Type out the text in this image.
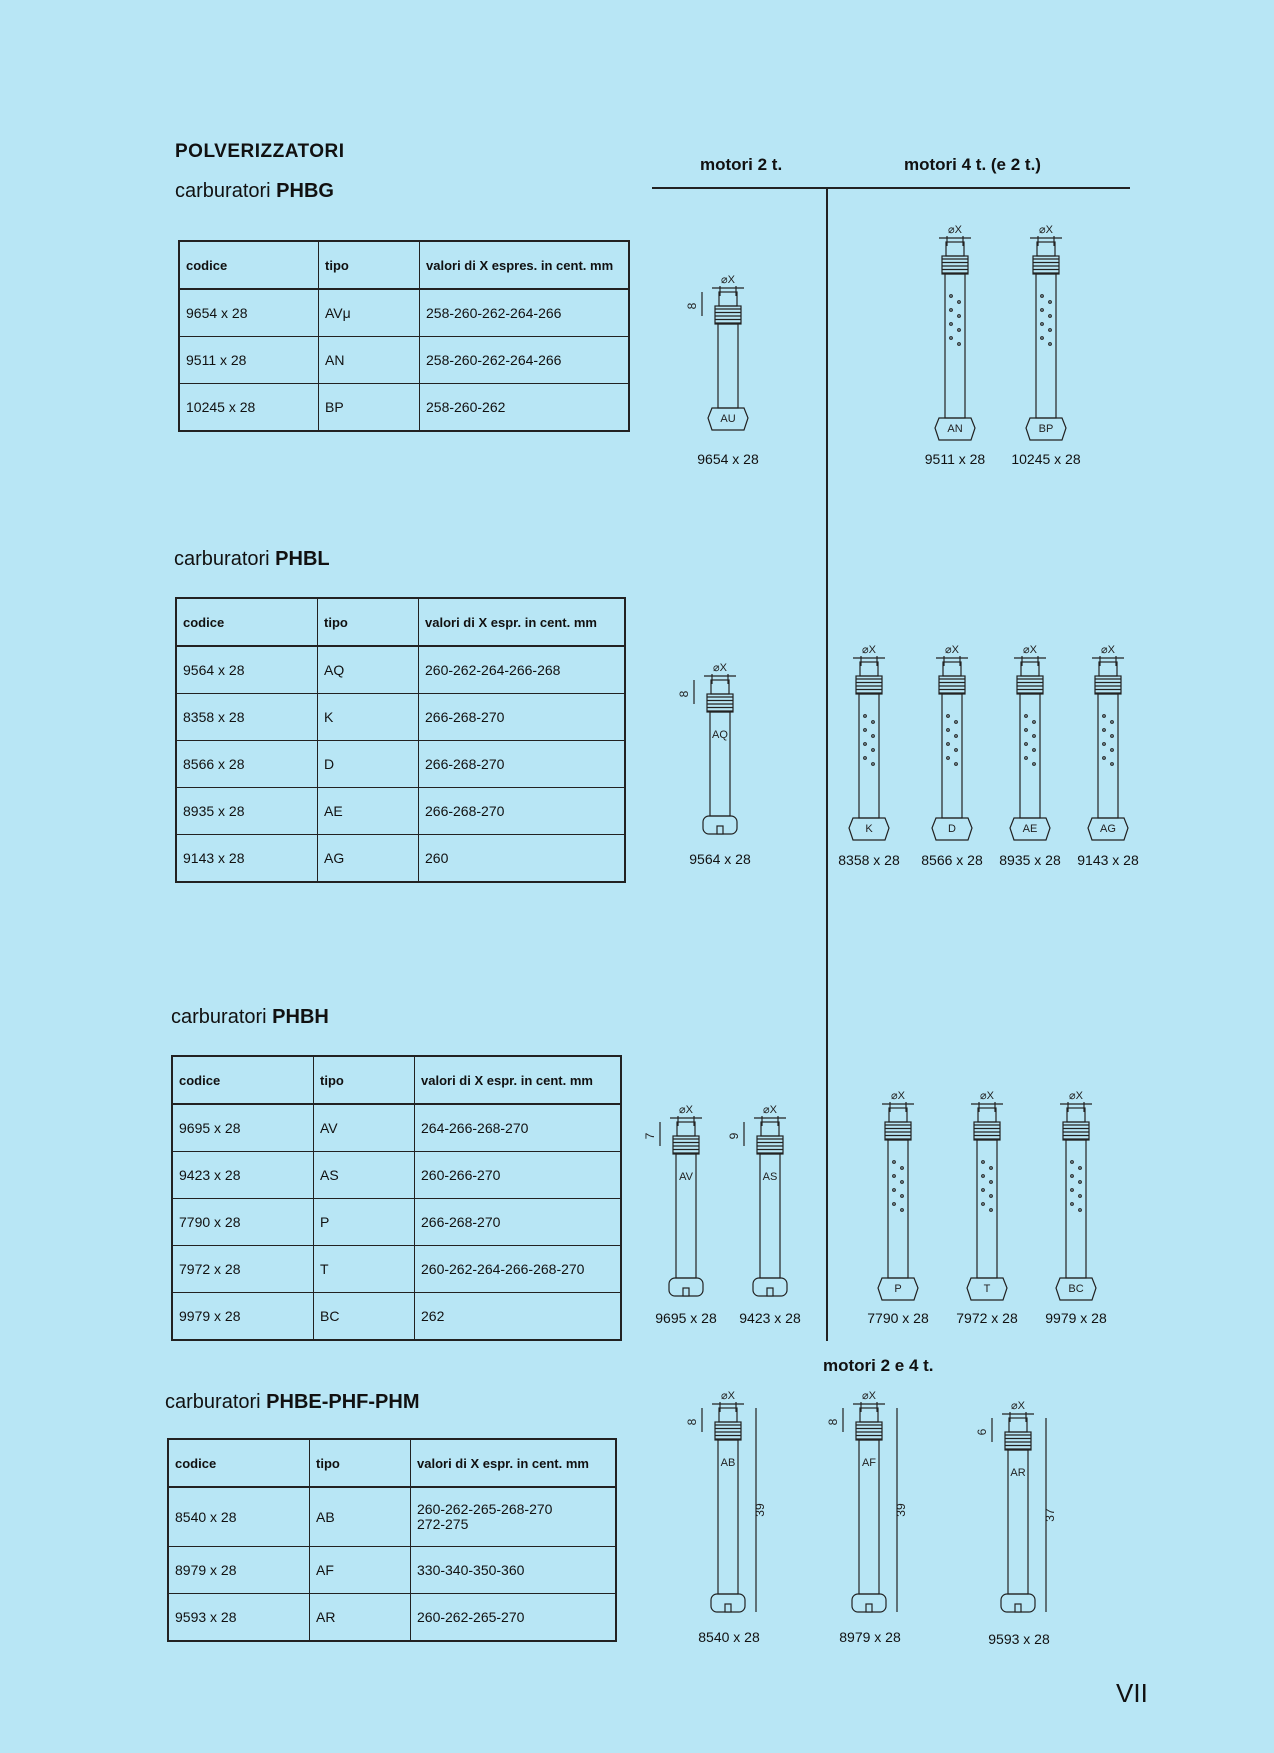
POLVERIZZATORI
motori 2 t.	motori 4 t. (e 2 t.)
carburatori PHBG
codice	tipo	valori di X espres. in cent. mm
9654 x 28	AVμ	258-260-262-264-266
9511 x 28	AN	258-260-262-264-266
10245 x 28	BP	258-260-262
carburatori PHBL
codice	tipo	valori di X espr. in cent. mm
9564 x 28	AQ	260-262-264-266-268
8358 x 28	K	266-268-270
8566 x 28	D	266-268-270
8935 x 28	AE	266-268-270
9143 x 28	AG	260
carburatori PHBH
codice	tipo	valori di X espr. in cent. mm
9695 x 28	AV	264-266-268-270
9423 x 28	AS	260-266-270
7790 x 28	P	266-268-270
7972 x 28	T	260-262-264-266-268-270
9979 x 28	BC	262
motori 2 e 4 t.
carburatori PHBE-PHF-PHM
codice	tipo	valori di X espr. in cent. mm
8540 x 28	AB	260-262-265-268-270
272-275

8979 x 28	AF	330-340-350-360
9593 x 28	AR	260-262-265-270
⌀X
AU
8
⌀X
AN
⌀X
BP
⌀X
AQ
8
⌀X
K
⌀X
D
⌀X
AE
⌀X
AG
⌀X
AV
7
⌀X
AS
9
⌀X
P
⌀X
T
⌀X
BC
⌀X
AB
8
39
⌀X
AF
8
39
⌀X
AR
6
37
9654 x 28	9511 x 28	10245 x 28
9564 x 28	8358 x 28	8566 x 28	8935 x 28	9143 x 28
9695 x 28	9423 x 28	7790 x 28	7972 x 28	9979 x 28
8540 x 28	8979 x 28	9593 x 28
VII
